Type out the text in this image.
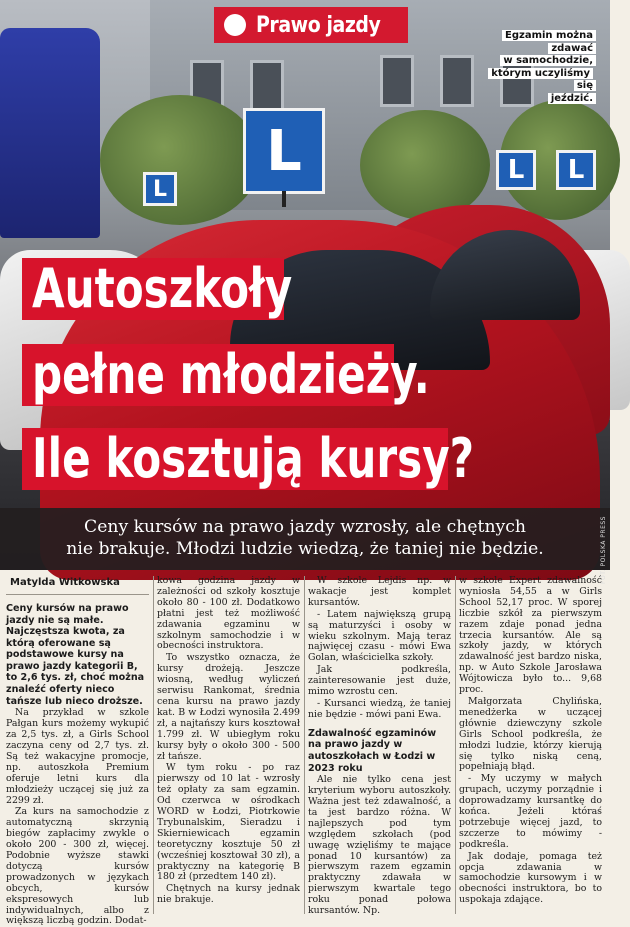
L
L
L L
Prawo jazdy	Egzamin można zdawać
w samochodzie,
którym uczyliśmy się
jeździć.
Autoszkoły
pełne młodzieży.
Ile kosztują kursy?
Ceny kursów na prawo jazdy wzrosły, ale chętnych
nie brakuje. Młodzi ludzie wiedzą, że taniej nie będzie.	FOT. POLSKA PRESS
Matylda Witkowska

Ceny kursów na prawo jazdy nie są małe. Najczęstsza kwota, za którą oferowane są podstawowe kursy na prawo jazdy kategorii B, to 2,6 tys. zł, choć można znaleźć oferty nieco tańsze lub nieco droższe.

Na przykład w szkole Pałgan kurs możemy wykupić za 2,5 tys. zł, a Girls School zaczyna ceny od 2,7 tys. zł. Są też wakacyjne promocje, np. autoszkoła Premium oferuje letni kurs dla młodzieży uczącej się już za 2299 zł.

Za kurs na samochodzie z automatyczną skrzynią biegów zapłacimy zwykle o około 200 - 300 zł, więcej. Podobnie wyższe stawki dotyczą kursów prowadzonych w językach obcych, kursów ekspresowych lub indywidualnych, albo z większą liczbą godzin. Dodat-

kowa godzina jazdy w zależności od szkoły kosztuje około 80 - 100 zł. Dodatkowo płatni jest też możliwość zdawania egzaminu w szkolnym samochodzie i w obecności instruktora.

To wszystko oznacza, że kursy drożeją. Jeszcze wiosną, według wyliczeń serwisu Rankomat, średnia cena kursu na prawo jazdy kat. B w Łodzi wynosiła 2.499 zł, a najtańszy kurs kosztował 1.799 zł. W ubiegłym roku kursy były o około 300 - 500 zł tańsze.

W tym roku - po raz pierwszy od 10 lat - wzrosły też opłaty za sam egzamin. Od czerwca w ośrodkach WORD w Łodzi, Piotrkowie Trybunalskim, Sieradzu i Skierniewicach egzamin teoretyczny kosztuje 50 zł (wcześniej kosztował 30 zł), a praktyczny na kategorię B 180 zł (przedtem 140 zł).

Chętnych na kursy jednak nie brakuje.

W szkole Lejdis np. w wakacje jest komplet kursantów.

- Latem największą grupą są maturzyści i osoby w wieku szkolnym. Mają teraz najwięcej czasu - mówi Ewa Golan, właścicielka szkoły.

Jak podkreśla, zainteresowanie jest duże, mimo wzrostu cen.

- Kursanci wiedzą, że taniej nie będzie - mówi pani Ewa.

Zdawalność egzaminów na prawo jazdy w autoszkołach w Łodzi w 2023 roku

Ale nie tylko cena jest kryterium wyboru autoszkoły. Ważna jest też zdawalność, a ta jest bardzo różna. W najlepszych pod tym względem szkołach (pod uwagę wzięliśmy te mające ponad 10 kursantów) za pierwszym razem egzamin praktyczny zdawała w pierwszym kwartale tego roku ponad połowa kursantów. Np.

w szkole Expert zdawalność wyniosła 54,55 a w Girls School 52,17 proc. W sporej liczbie szkół za pierwszym razem zdaje ponad jedna trzecia kursantów. Ale są szkoły jazdy, w których zdawalność jest bardzo niska, np. w Auto Szkole Jarosława Wójtowicza było to... 9,68 proc.

Małgorzata Chylińska, menedżerka w uczącej głównie dziewczyny szkole Girls School podkreśla, że młodzi ludzie, którzy kierują się tylko niską ceną, popełniają błąd.

- My uczymy w małych grupach, uczymy porządnie i doprowadzamy kursantkę do końca. Jeżeli któraś potrzebuje więcej jazd, to szczerze to mówimy - podkreśla.

Jak dodaje, pomaga też opcja zdawania w samochodzie kursowym i w obecności instruktora, bo to uspokaja zdające.
